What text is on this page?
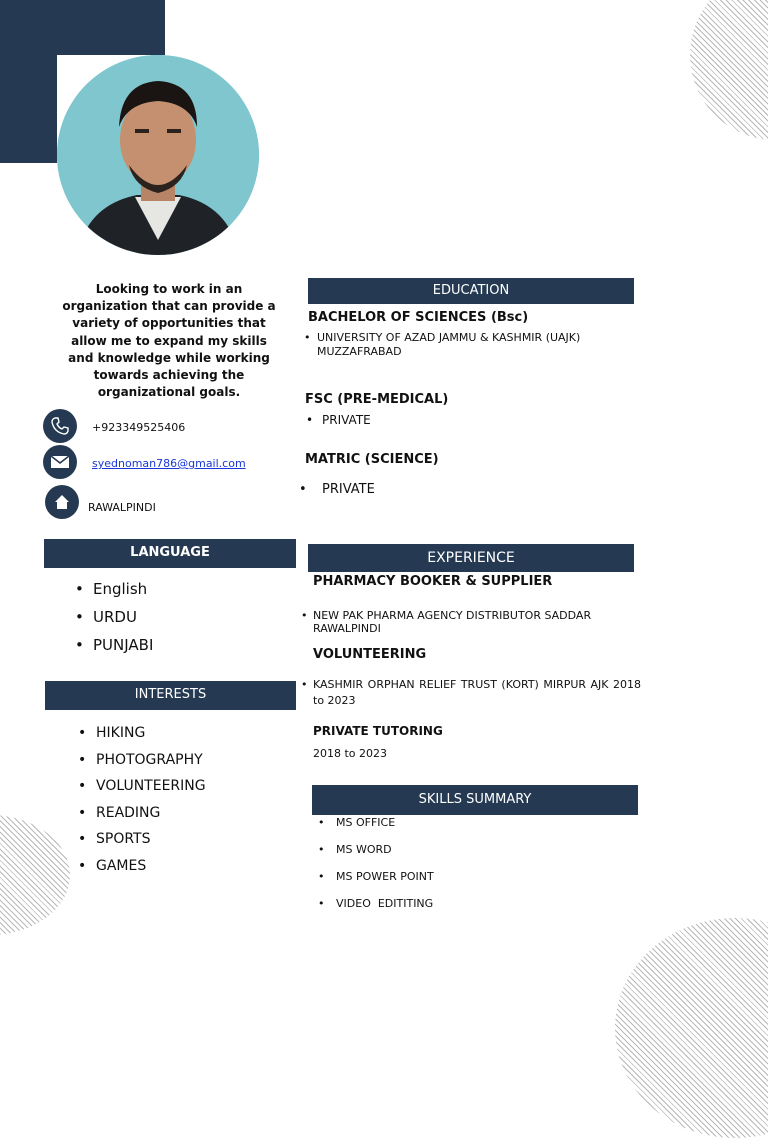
Looking to work in an organization that can provide a variety of opportunities that allow me to expand my skills and knowledge while working towards achieving the organizational goals.
+923349525406
syednoman786@gmail.com
RAWALPINDI
LANGUAGE
• English
• URDU
• PUNJABI
INTERESTS
• HIKING
• PHOTOGRAPHY
• VOLUNTEERING
• READING
• SPORTS
• GAMES
EDUCATION
BACHELOR OF SCIENCES (Bsc)
• UNIVERSITY OF AZAD JAMMU & KASHMIR (UAJK) MUZZAFRABAD
FSC (PRE-MEDICAL)
• PRIVATE
MATRIC (SCIENCE)
• PRIVATE
EXPERIENCE
PHARMACY BOOKER & SUPPLIER
• NEW PAK PHARMA AGENCY DISTRIBUTOR SADDAR RAWALPINDI
VOLUNTEERING
• KASHMIR ORPHAN RELIEF TRUST (KORT) MIRPUR AJK 2018 to 2023
PRIVATE TUTORING
2018 to 2023
SKILLS SUMMARY
• MS OFFICE
• MS WORD
• MS POWER POINT
• VIDEO  EDITITING
